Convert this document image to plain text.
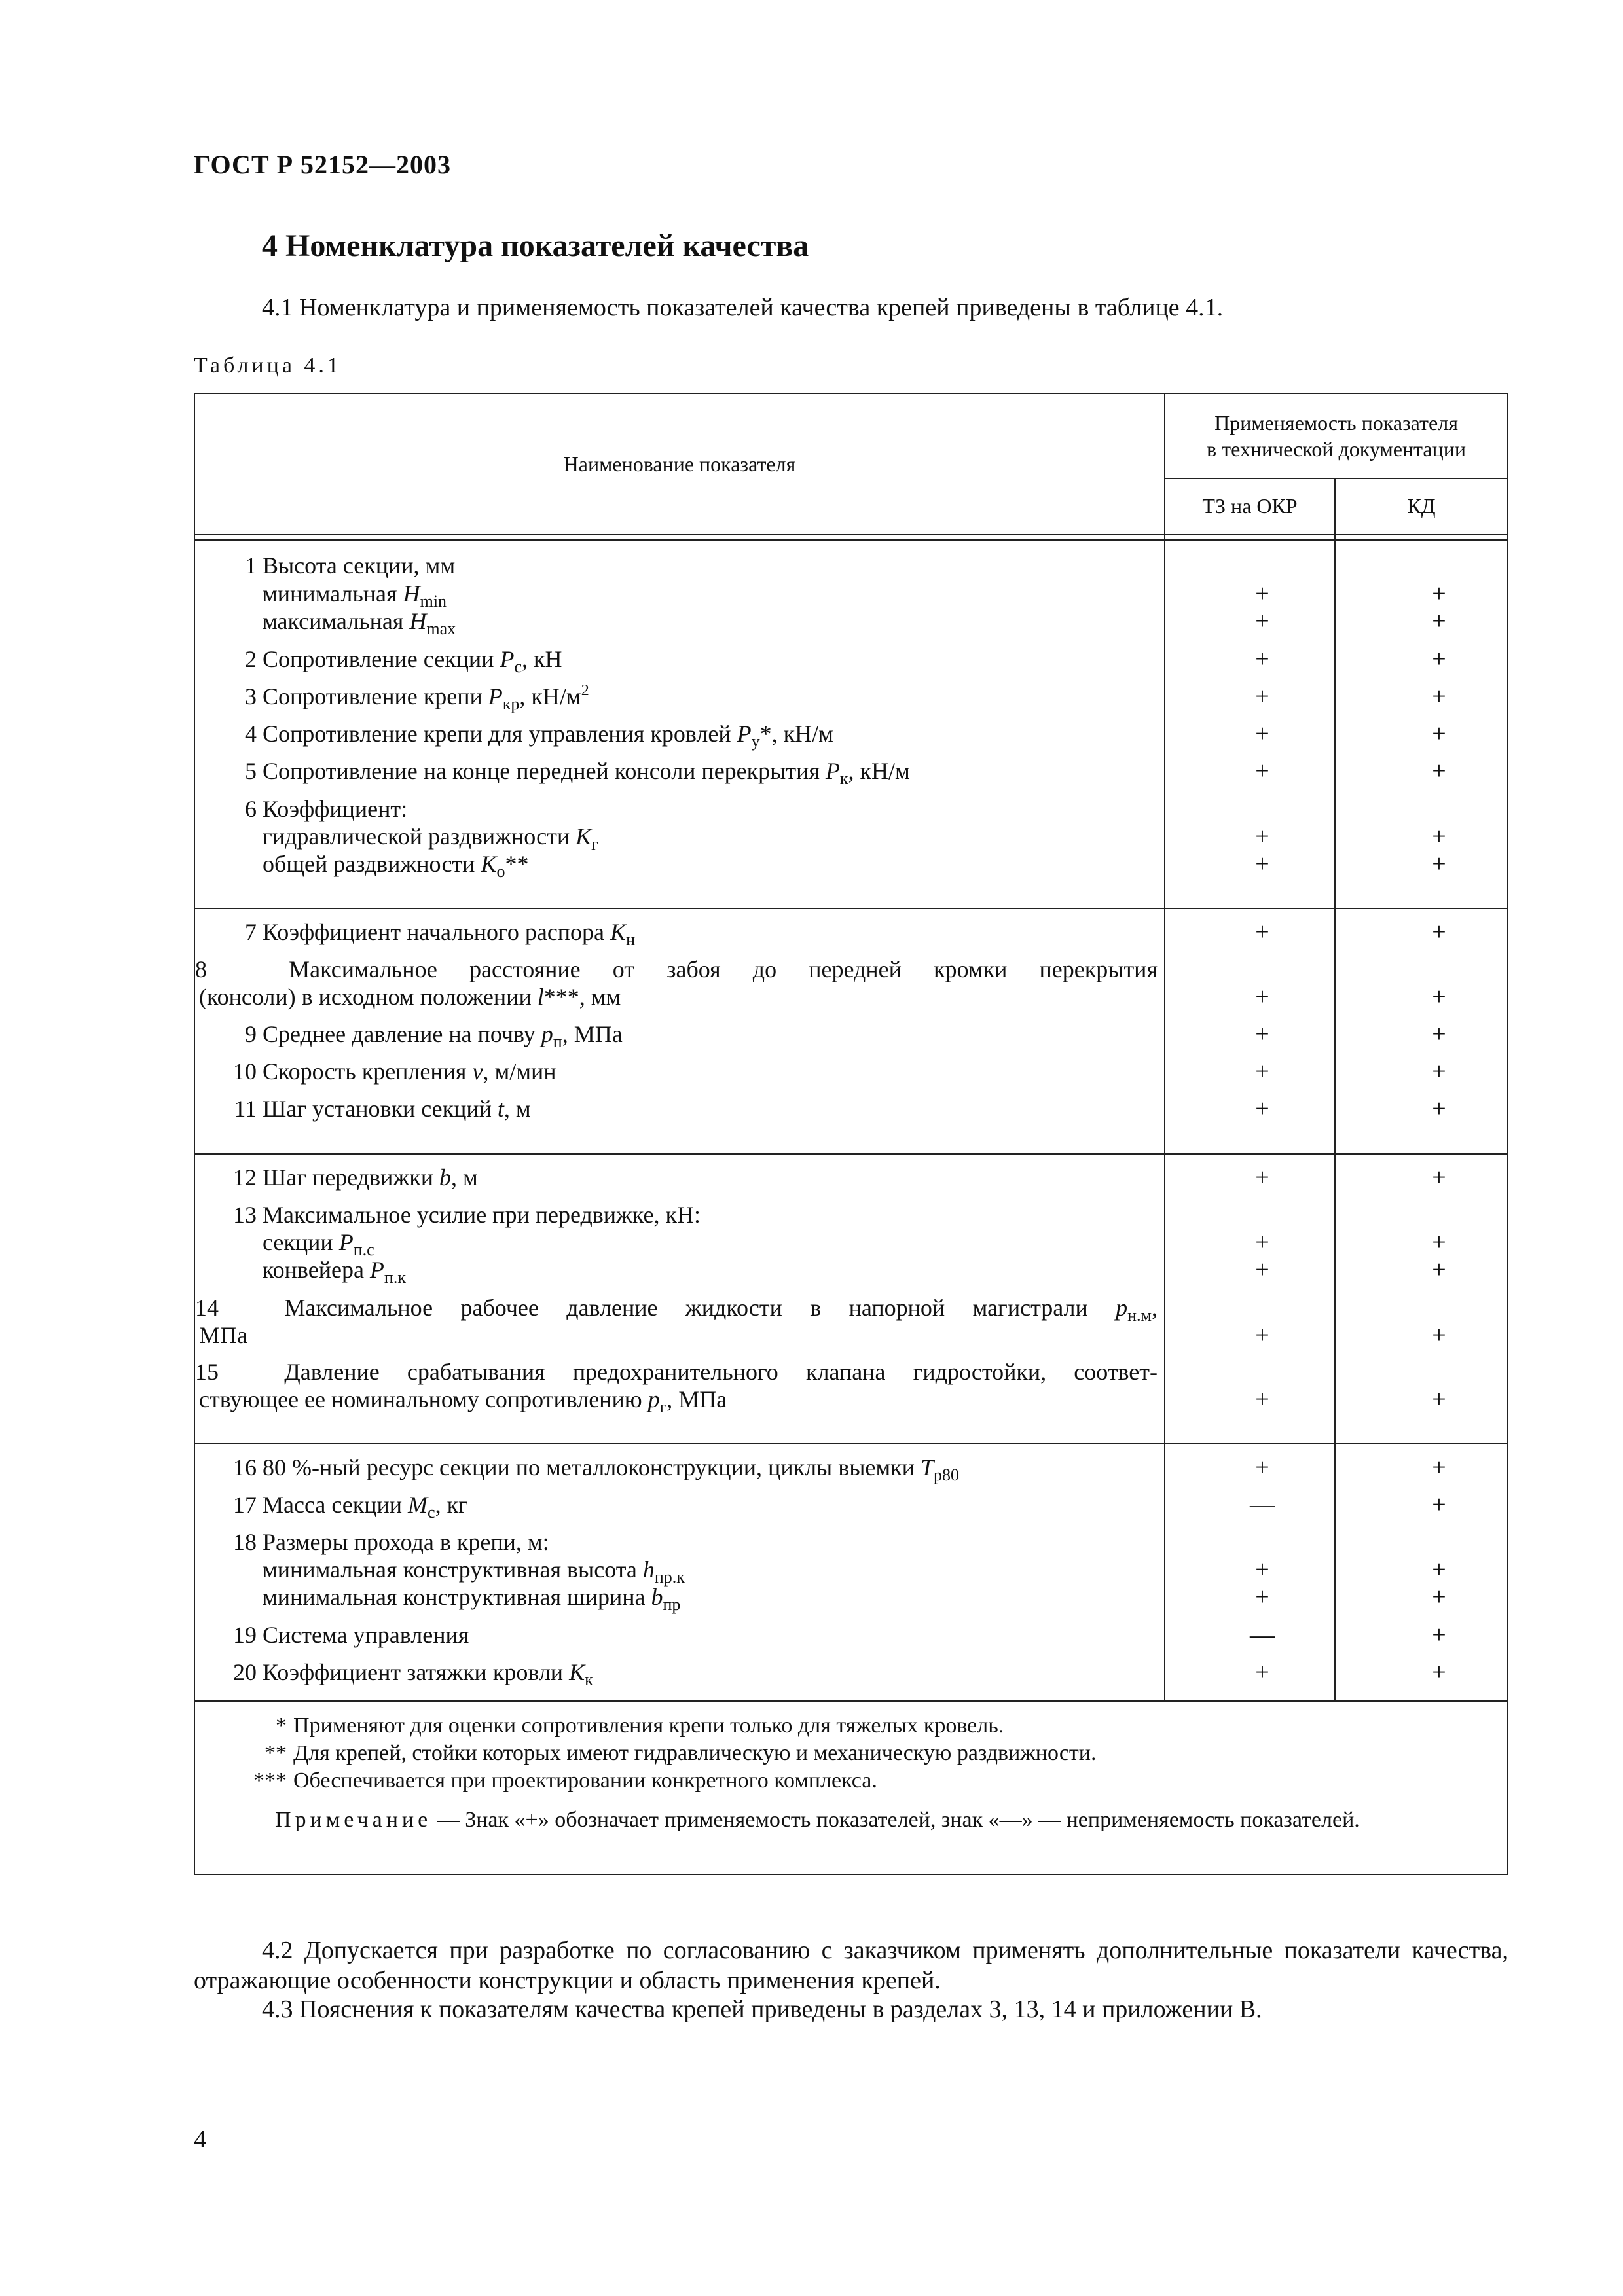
ГОСТ Р 52152—2003
4 Номенклатура показателей качества
4.1 Номенклатура и применяемость показателей качества крепей приведены в таблице 4.1.
Таблица 4.1
Наименование показателя
Применяемость показателя
в технической документации
ТЗ на ОКР	КД
1 Высота секции, мм
минимальная $H_{min}$	+	+
максимальная $H_{max}$	+	+
2 Сопротивление секции $P_с$, кН	+	+
3 Сопротивление крепи $P_{кр}$, $кН/м^2$	+	+
4 Сопротивление крепи для управления кровлей $P_у*$, кН/м	+	+
5 Сопротивление на конце передней консоли перекрытия $P_к$, кН/м	+	+
6 Коэффициент:
гидравлической раздвижности $K_г$	+	+
общей раздвижности $K_о**$	+	+
7 Коэффициент начального распора $K_н$	+	+
8	Максимальное расстояние от забоя до передней кромки перекрытия
(консоли) в исходном положении l***, мм	+	+
9 Среднее давление на почву $p_п$, МПа	+	+
10 Скорость крепления v, м/мин	+	+
11 Шаг установки секций t, м	+	+
12 Шаг передвижки b, м	+	+
13 Максимальное усилие при передвижке, кН:
секции $P_{п.с}$	+	+
конвейера $P_{п.к}$	+	+
14	Максимальное рабочее давление жидкости в напорной магистрали $p_{н.м}$,
МПа	+	+
15	Давление срабатывания предохранительного клапана гидростойки, соответ-
ствующее ее номинальному сопротивлению $p_г$, МПа	+	+
16 80 %-ный ресурс секции по металлоконструкции, циклы выемки $T_{р80}$	+	+
17 Масса секции $M_с$, кг	—	+
18 Размеры прохода в крепи, м:
минимальная конструктивная высота $h_{пр.к}$	+	+
минимальная конструктивная ширина $b_{пр}$	+	+
19 Система управления	—	+
20 Коэффициент затяжки кровли $K_к$	+	+
* Применяют для оценки сопротивления крепи только для тяжелых кровель.
** Для крепей, стойки которых имеют гидравлическую и механическую раздвижности.
*** Обеспечивается при проектировании конкретного комплекса.
Примечание — Знак «+» обозначает применяемость показателей, знак «—» — неприменяемость показателей.
4.2 Допускается при разработке по согласованию с заказчиком применять дополнительные показатели качества, отражающие особенности конструкции и область применения крепей.
4.3 Пояснения к показателям качества крепей приведены в разделах 3, 13, 14 и приложении В.
4
